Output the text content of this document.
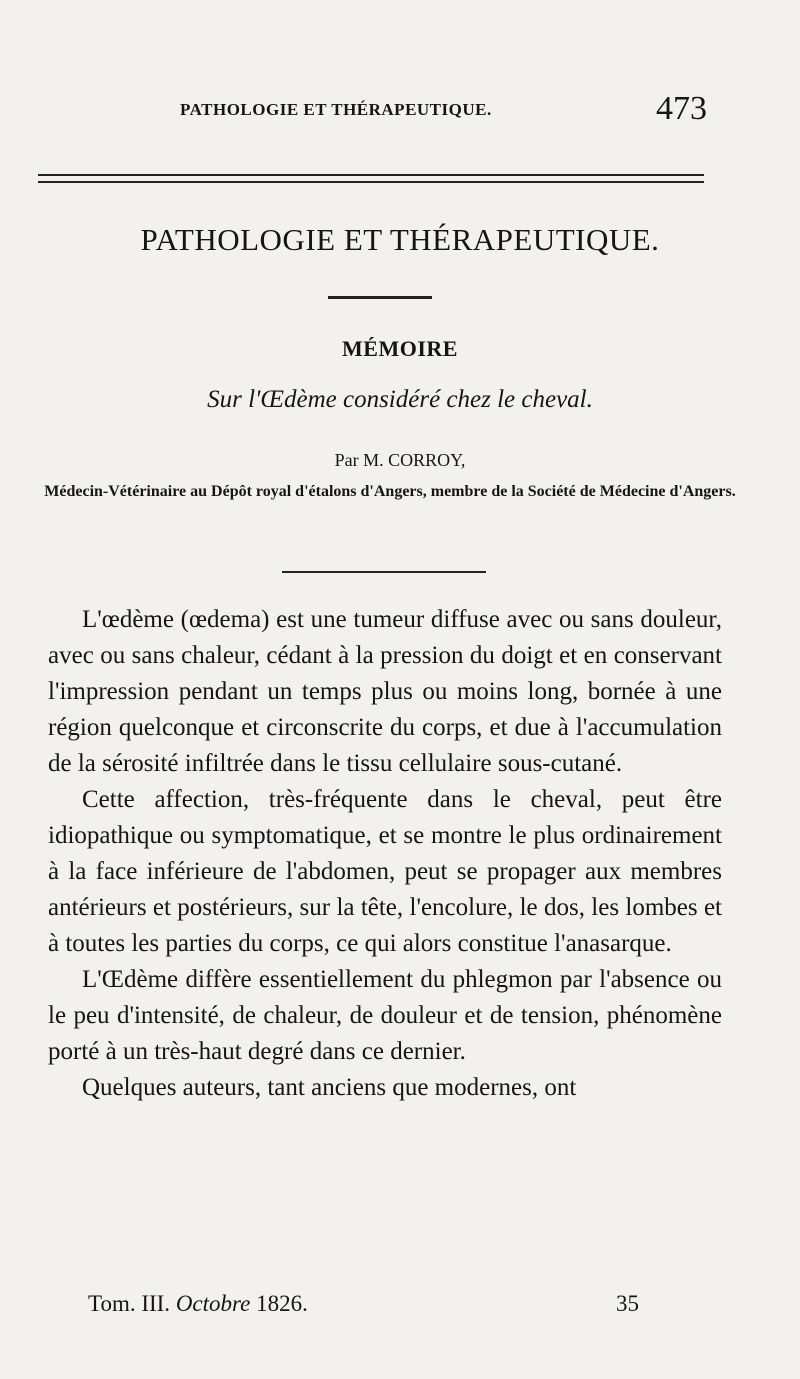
PATHOLOGIE ET THÉRAPEUTIQUE.	473
PATHOLOGIE ET THÉRAPEUTIQUE.
MÉMOIRE
Sur l'Œdème considéré chez le cheval.
Par M. CORROY,
Médecin-Vétérinaire au Dépôt royal d'étalons d'Angers, membre de la Société de Médecine d'Angers.

L'œdème (œdema) est une tumeur diffuse avec ou sans douleur, avec ou sans chaleur, cédant à la pression du doigt et en conservant l'impression pendant un temps plus ou moins long, bornée à une région quelconque et circonscrite du corps, et due à l'accumulation de la sérosité infiltrée dans le tissu cellulaire sous-cutané.

Cette affection, très-fréquente dans le cheval, peut être idiopathique ou symptomatique, et se montre le plus ordinairement à la face inférieure de l'abdomen, peut se propager aux membres antérieurs et postérieurs, sur la tête, l'encolure, le dos, les lombes et à toutes les parties du corps, ce qui alors constitue l'anasarque.

L'Œdème diffère essentiellement du phlegmon par l'absence ou le peu d'intensité, de chaleur, de douleur et de tension, phénomène porté à un très-haut degré dans ce dernier.

Quelques auteurs, tant anciens que modernes, ont

Tom. III. Octobre 1826.	35
